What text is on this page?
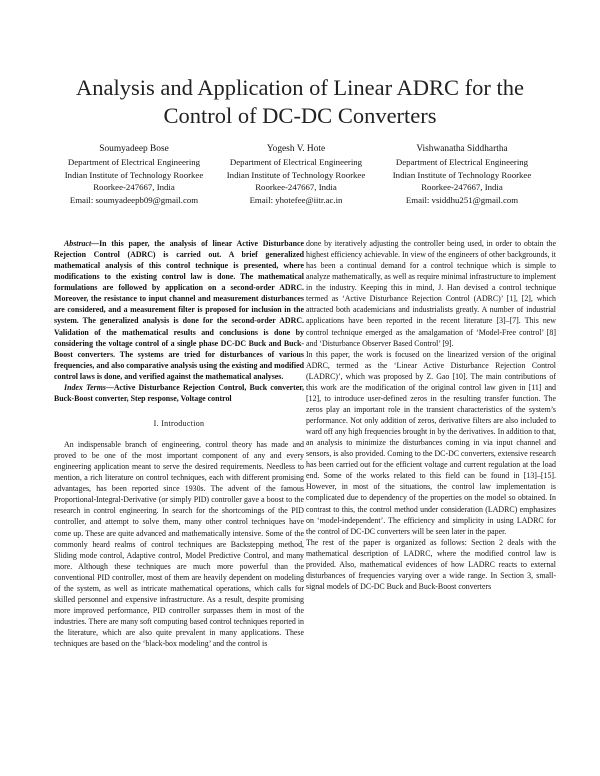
Analysis and Application of Linear ADRC for the
Control of DC-DC Converters
Soumyadeep Bose
Department of Electrical Engineering
Indian Institute of Technology Roorkee
Roorkee-247667, India
Email: soumyadeepb09@gmail.com
Yogesh V. Hote
Department of Electrical Engineering
Indian Institute of Technology Roorkee
Roorkee-247667, India
Email: yhotefee@iitr.ac.in
Vishwanatha Siddhartha
Department of Electrical Engineering
Indian Institute of Technology Roorkee
Roorkee-247667, India
Email: vsiddhu251@gmail.com

Abstract—In this paper, the analysis of linear Active Disturbance Rejection Control (ADRC) is carried out. A brief generalized mathematical analysis of this control technique is presented, where modifications to the existing control law is done. The mathematical formulations are followed by application on a second-order ADRC. Moreover, the resistance to input channel and measurement disturbances are considered, and a measurement filter is proposed for inclusion in the system. The generalized analysis is done for the second-order ADRC. Validation of the mathematical results and conclusions is done by considering the voltage control of a single phase DC-DC Buck and Buck-Boost converters. The systems are tried for disturbances of various frequencies, and also comparative analysis using the existing and modified control laws is done, and verified against the mathematical analyses.

Index Terms—Active Disturbance Rejection Control, Buck converter, Buck-Boost converter, Step response, Voltage control

I. Introduction

An indispensable branch of engineering, control theory has made and proved to be one of the most important component of any and every engineering application meant to serve the desired requirements. Needless to mention, a rich literature on control techniques, each with different promising advantages, has been reported since 1930s. The advent of the famous Proportional-Integral-Derivative (or simply PID) controller gave a boost to the research in control engineering. In search for the shortcomings of the PID controller, and attempt to solve them, many other control techniques have come up. These are quite advanced and mathematically intensive. Some of the commonly heard realms of control techniques are Backstepping method, Sliding mode control, Adaptive control, Model Predictive Control, and many more. Although these techniques are much more powerful than the conventional PID controller, most of them are heavily dependent on modeling of the system, as well as intricate mathematical operations, which calls for skilled personnel and expensive infrastructure. As a result, despite promising more improved performance, PID controller surpasses them in most of the industries. There are many soft computing based control techniques reported in the literature, which are also quite prevalent in many applications. These techniques are based on the ‘black-box modeling’ and the control is

done by iteratively adjusting the controller being used, in order to obtain the highest efficiency achievable. In view of the engineers of other backgrounds, it has been a continual demand for a control technique which is simple to analyze mathematically, as well as require minimal infrastructure to implement in the industry. Keeping this in mind, J. Han devised a control technique termed as ‘Active Disturbance Rejection Control (ADRC)’ [1], [2], which attracted both academicians and industrialists greatly. A number of industrial applications have been reported in the recent literature [3]–[7]. This new control technique emerged as the amalgamation of ‘Model-Free control’ [8] and ‘Disturbance Observer Based Control’ [9].

In this paper, the work is focused on the linearized version of the original ADRC, termed as the ‘Linear Active Disturbance Rejection Control (LADRC)’, which was proposed by Z. Gao [10]. The main contributions of this work are the modification of the original control law given in [11] and [12], to introduce user-defined zeros in the resulting transfer function. The zeros play an important role in the transient characteristics of the system’s performance. Not only addition of zeros, derivative filters are also included to ward off any high frequencies brought in by the derivatives. In addition to that, an analysis to minimize the disturbances coming in via input channel and sensors, is also provided. Coming to the DC-DC converters, extensive research has been carried out for the efficient voltage and current regulation at the load end. Some of the works related to this field can be found in [13]–[15]. However, in most of the situations, the control law implementation is complicated due to dependency of the properties on the model so obtained. In contrast to this, the control method under consideration (LADRC) emphasizes on ‘model-independent’. The efficiency and simplicity in using LADRC for the control of DC-DC converters will be seen later in the paper.

The rest of the paper is organized as follows: Section 2 deals with the mathematical description of LADRC, where the modified control law is provided. Also, mathematical evidences of how LADRC reacts to external disturbances of frequencies varying over a wide range. In Section 3, small-signal models of DC-DC Buck and Buck-Boost converters
